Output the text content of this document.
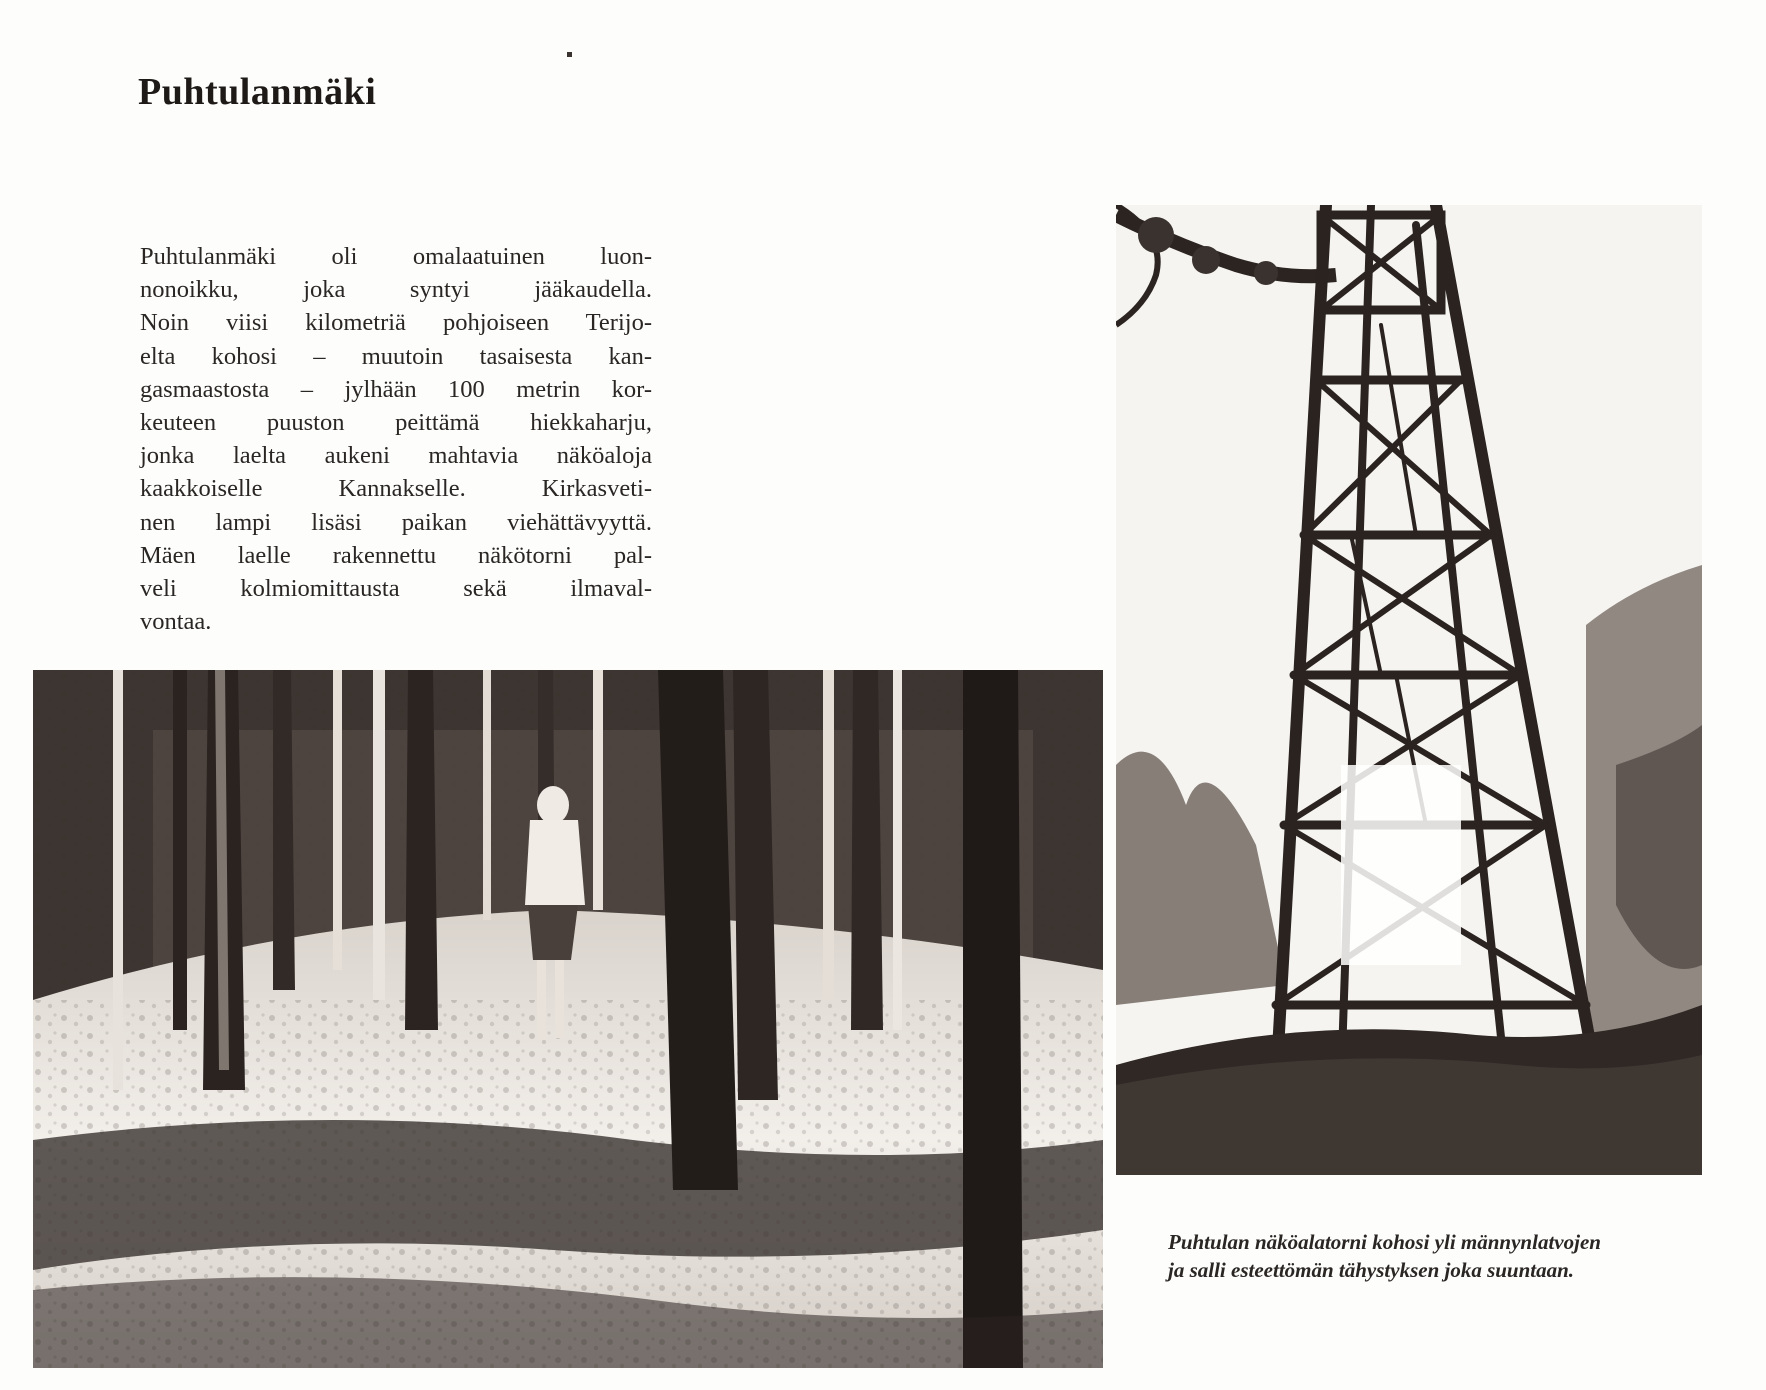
Puhtulanmäki
Puhtulanmäki oli omalaatuinen luon-
nonoikku, joka syntyi jääkaudella.
Noin viisi kilometriä pohjoiseen Terijo-
elta kohosi – muutoin tasaisesta kan-
gasmaastosta – jylhään 100 metrin kor-
keuteen puuston peittämä hiekkaharju,
jonka laelta aukeni mahtavia näköaloja
kaakkoiselle Kannakselle. Kirkasveti-
nen lampi lisäsi paikan viehättävyyttä.
Mäen laelle rakennettu näkötorni pal-
veli kolmiomittausta sekä ilmaval-
vontaa.
Puhtulan näköalatorni kohosi yli männynlatvojen
ja salli esteettömän tähystyksen joka suuntaan.
